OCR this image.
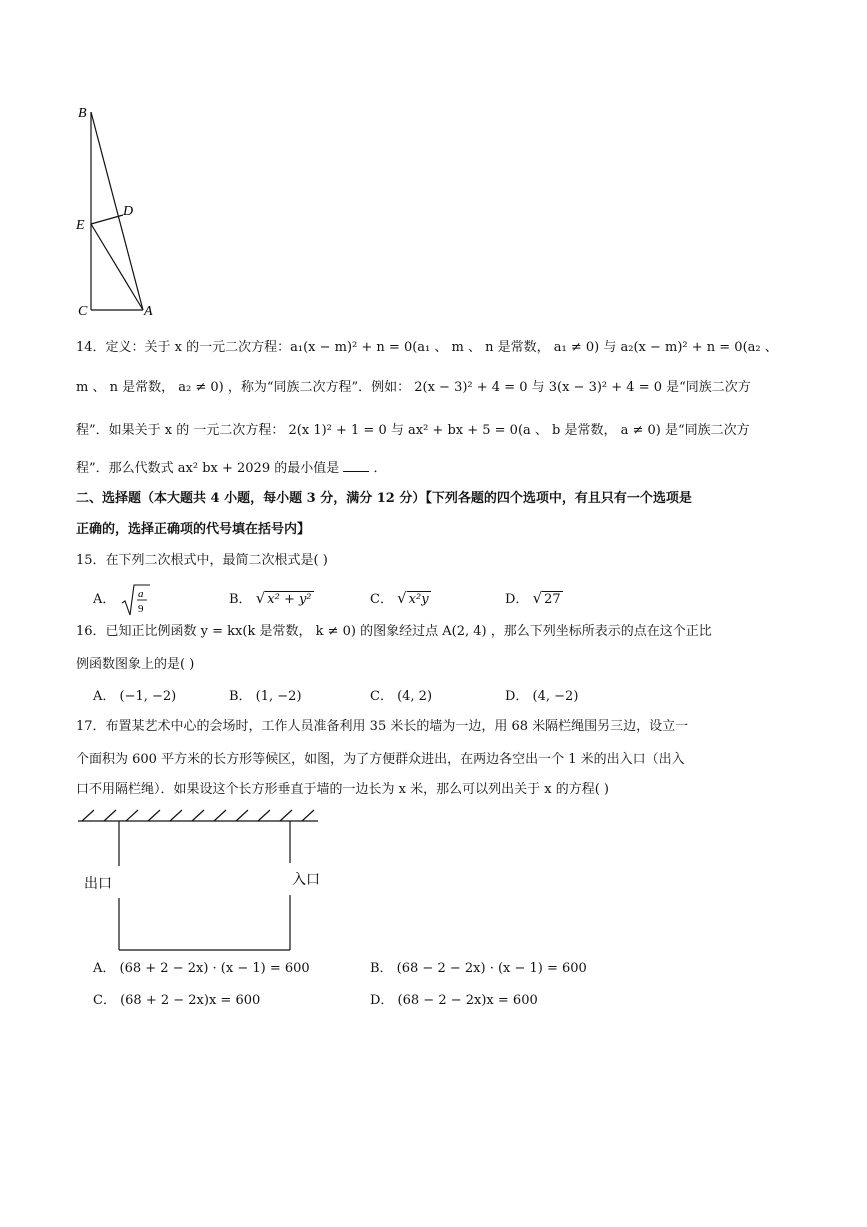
B
E
D
C	A
14．定义：关于 x 的一元二次方程：a₁(x − m)² + n = 0(a₁ 、 m 、 n 是常数， a₁ ≠ 0) 与 a₂(x − m)² + n = 0(a₂ 、
m 、 n 是常数， a₂ ≠ 0) ，称为“同族二次方程”．例如： 2(x − 3)² + 4 = 0 与 3(x − 3)² + 4 = 0 是“同族二次方
程”．如果关于 x 的 一元二次方程： 2(x 1)² + 1 = 0 与 ax² + bx + 5 = 0(a 、 b 是常数， a ≠ 0) 是“同族二次方
程”．那么代数式 ax² bx + 2029 的最小值是	．
二、选择题（本大题共 4 小题，每小题 3 分，满分 12 分）【下列各题的四个选项中，有且只有一个选项是
正确的，选择正确项的代号填在括号内】
15．在下列二次根式中，最简二次根式是( )
A． a
9
B． √ x² + y²	C． √ x²y	D． √ 27
16．已知正比例函数 y = kx(k 是常数， k ≠ 0) 的图象经过点 A(2, 4) ，那么下列坐标所表示的点在这个正比
例函数图象上的是( )
A． (−1, −2)	B． (1, −2)	C． (4, 2)	D． (4, −2)
17．布置某艺术中心的会场时，工作人员准备利用 35 米长的墙为一边，用 68 米隔栏绳围另三边，设立一
个面积为 600 平方米的长方形等候区，如图，为了方便群众进出，在两边各空出一个 1 米的出入口（出入
口不用隔栏绳）．如果设这个长方形垂直于墙的一边长为 x 米，那么可以列出关于 x 的方程( )
出口	入口
A． (68 + 2 − 2x) · (x − 1) = 600	B． (68 − 2 − 2x) · (x − 1) = 600
C． (68 + 2 − 2x)x = 600	D． (68 − 2 − 2x)x = 600
